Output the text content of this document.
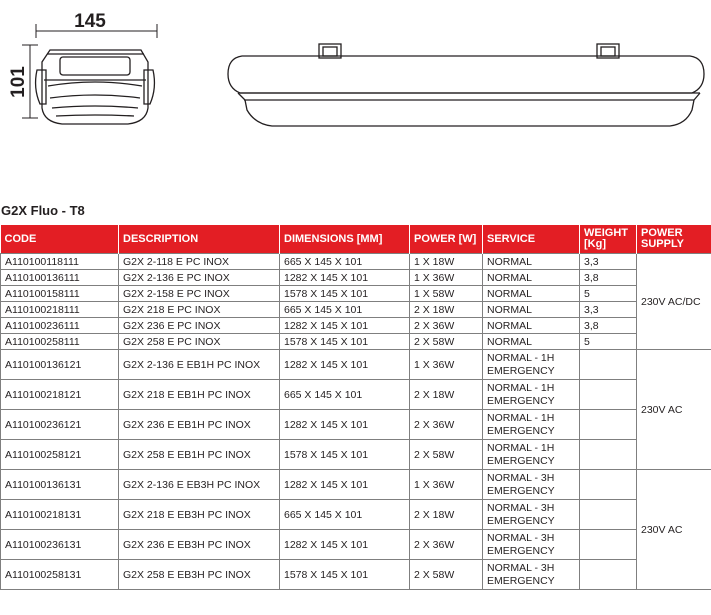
145
101
G2X Fluo - T8
CODE	DESCRIPTION	DIMENSIONS [MM]	POWER [W]	SERVICE	WEIGHT [Kg]	POWER SUPPLY
A110100118111	G2X 2-118 E PC INOX	665 X 145 X 101	1 X 18W	NORMAL	3,3	230V AC/DC
A110100136111	G2X 2-136 E PC INOX	1282 X 145 X 101	1 X 36W	NORMAL	3,8	
A110100158111	G2X 2-158 E PC INOX	1578 X 145 X 101	1 X 58W	NORMAL	5	
A110100218111	G2X 218 E PC INOX	665 X 145 X 101	2 X 18W	NORMAL	3,3	
A110100236111	G2X 236 E PC INOX	1282 X 145 X 101	2 X 36W	NORMAL	3,8	
A110100258111	G2X 258 E PC INOX	1578 X 145 X 101	2 X 58W	NORMAL	5	
A110100136121	G2X 2-136 E EB1H PC INOX	1282 X 145 X 101	1 X 36W	NORMAL - 1H
EMERGENCY		230V AC
A110100218121	G2X 218 E EB1H PC INOX	665 X 145 X 101	2 X 18W	NORMAL - 1H
EMERGENCY		
A110100236121	G2X 236 E EB1H PC INOX	1282 X 145 X 101	2 X 36W	NORMAL - 1H
EMERGENCY		
A110100258121	G2X 258 E EB1H PC INOX	1578 X 145 X 101	2 X 58W	NORMAL - 1H
EMERGENCY		
A110100136131	G2X 2-136 E EB3H PC INOX	1282 X 145 X 101	1 X 36W	NORMAL - 3H
EMERGENCY		230V AC
A110100218131	G2X 218 E EB3H PC INOX	665 X 145 X 101	2 X 18W	NORMAL - 3H
EMERGENCY		
A110100236131	G2X 236 E EB3H PC INOX	1282 X 145 X 101	2 X 36W	NORMAL - 3H
EMERGENCY		
A110100258131	G2X 258 E EB3H PC INOX	1578 X 145 X 101	2 X 58W	NORMAL - 3H
EMERGENCY		
